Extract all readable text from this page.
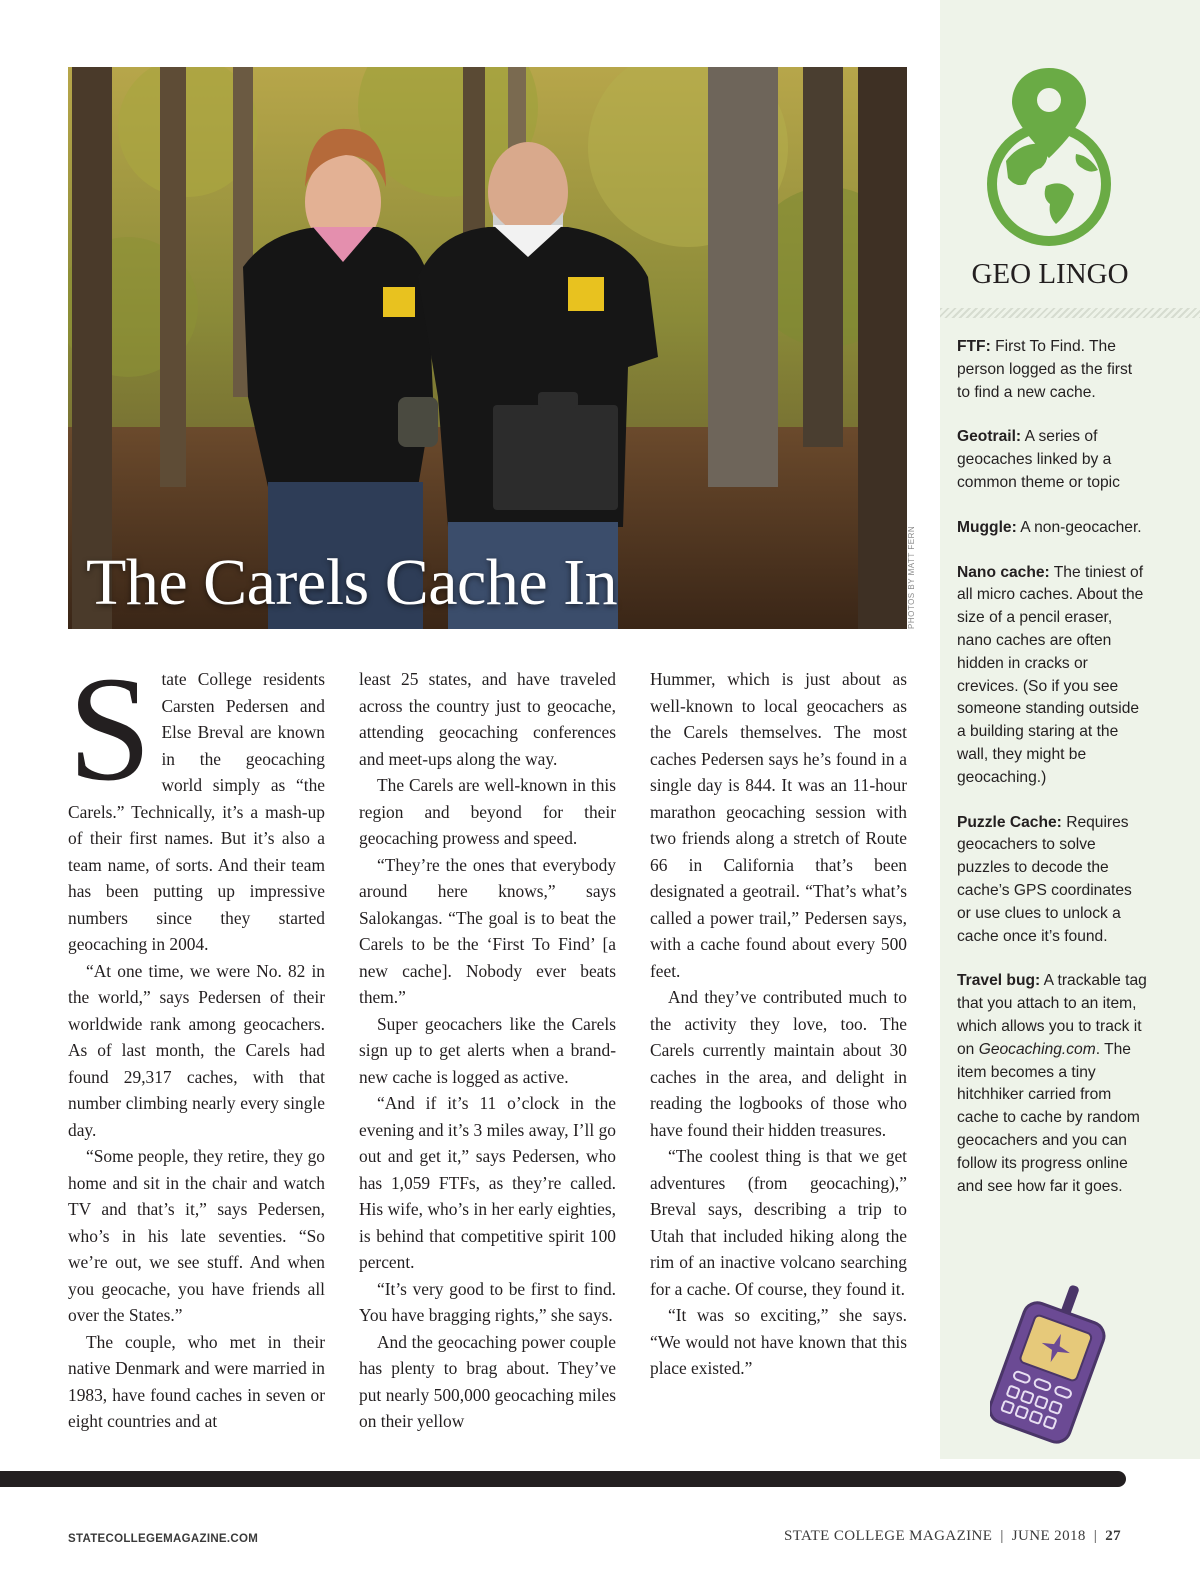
The Carels Cache In	PHOTOS BY MATT FERN

State College residents Carsten Pedersen and Else Breval are known in the geocaching world simply as “the Carels.” Technically, it’s a mash-up of their first names. But it’s also a team name, of sorts. And their team has been putting up impressive numbers since they started geocaching in 2004.

“At one time, we were No. 82 in the world,” says Pedersen of their worldwide rank among geocachers. As of last month, the Carels had found 29,317 caches, with that number climbing nearly every single day.

“Some people, they retire, they go home and sit in the chair and watch TV and that’s it,” says Pedersen, who’s in his late seventies. “So we’re out, we see stuff. And when you geocache, you have friends all over the States.”

The couple, who met in their native Denmark and were married in 1983, have found caches in seven or eight countries and at

least 25 states, and have traveled across the country just to geocache, attending geocaching conferences and meet-ups along the way.

The Carels are well-known in this region and beyond for their geocaching prowess and speed.

“They’re the ones that everybody around here knows,” says Salokangas. “The goal is to beat the Carels to be the ‘First To Find’ [a new cache]. Nobody ever beats them.”

Super geocachers like the Carels sign up to get alerts when a brand-new cache is logged as active.

“And if it’s 11 o’clock in the evening and it’s 3 miles away, I’ll go out and get it,” says Pedersen, who has 1,059 FTFs, as they’re called. His wife, who’s in her early eighties, is behind that competitive spirit 100 percent.

“It’s very good to be first to find. You have bragging rights,” she says.

And the geocaching power couple has plenty to brag about. They’ve put nearly 500,000 geocaching miles on their yellow

Hummer, which is just about as well-known to local geocachers as the Carels themselves. The most caches Pedersen says he’s found in a single day is 844. It was an 11-hour marathon geocaching session with two friends along a stretch of Route 66 in California that’s been designated a geotrail. “That’s what’s called a power trail,” Pedersen says, with a cache found about every 500 feet.

And they’ve contributed much to the activity they love, too. The Carels currently maintain about 30 caches in the area, and delight in reading the logbooks of those who have found their hidden treasures.

“The coolest thing is that we get adventures (from geocaching),” Breval says, describing a trip to Utah that included hiking along the rim of an inactive volcano searching for a cache. Of course, they found it.

“It was so exciting,” she says. “We would not have known that this place existed.”

GEO LINGO
FTF: First To Find. The person logged as the first to find a new cache.
Geotrail: A series of geocaches linked by a common theme or topic
Muggle: A non-geocacher.
Nano cache: The tiniest of all micro caches. About the size of a pencil eraser, nano caches are often hidden in cracks or crevices. (So if you see someone standing outside a building staring at the wall, they might be geocaching.)
Puzzle Cache: Requires geocachers to solve puzzles to decode the cache’s GPS coordinates or use clues to unlock a cache once it’s found.
Travel bug: A trackable tag that you attach to an item, which allows you to track it on Geocaching.com. The item becomes a tiny hitchhiker carried from cache to cache by random geocachers and you can follow its progress online and see how far it goes.
STATECOLLEGEMAGAZINE.COM	STATE COLLEGE MAGAZINE | JUNE 2018 | 27
